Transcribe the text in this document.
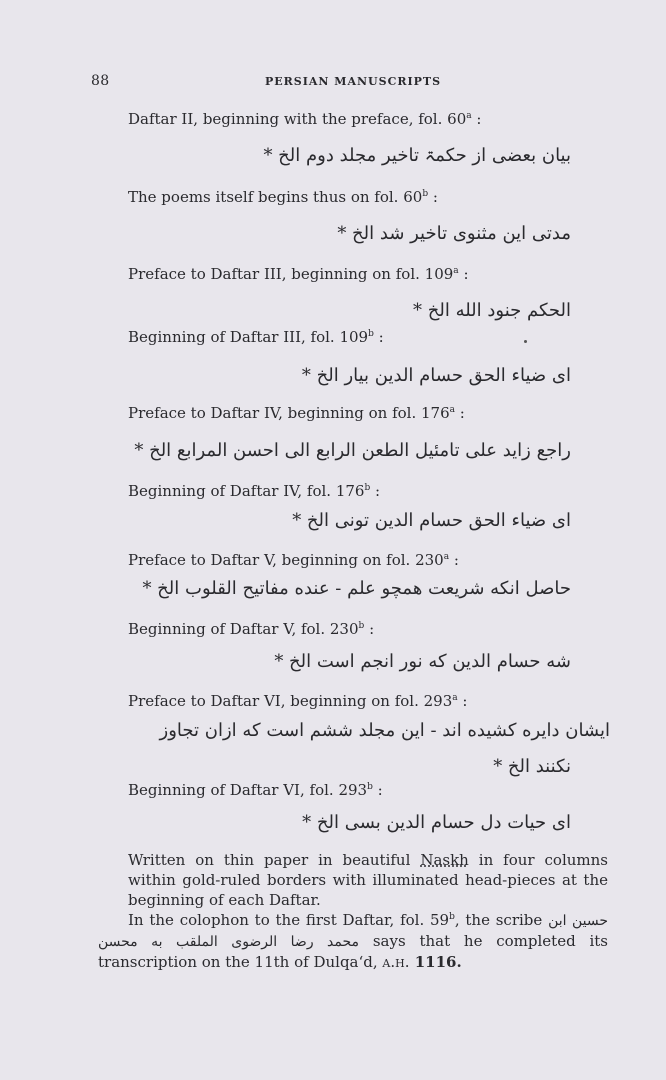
88	PERSIAN MANUSCRIPTS
Daftar II, beginning with the preface, fol. 60$^a$ :
بیان بعضی از حکمۃ تاخیر مجلد دوم الخ *
The poems itself begins thus on fol. 60$^b$ :
مدتی این مثنوی تاخیر شد الخ *
Preface to Daftar III, beginning on fol. 109$^a$ :
الحکم جنود الله الخ *
Beginning of Daftar III, fol. 109$^b$ :
ای ضیاء الحق حسام الدین بیار الخ *
Preface to Daftar IV, beginning on fol. 176$^a$ :
راجع زاید علی تامئیل الطعن الرابع الی احسن المرابع الخ *
Beginning of Daftar IV, fol. 176$^b$ :
ای ضیاء الحق حسام الدین تونی الخ *
Preface to Daftar V, beginning on fol. 230$^a$ :
حاصل انکه شریعت همچو علم - عنده مفاتیح القلوب الخ *
Beginning of Daftar V, fol. 230$^b$ :
شه حسام الدین که نور انجم است الخ *
Preface to Daftar VI, beginning on fol. 293$^a$ :
ایشان دایره کشیده اند - این مجلد ششم است که ازان تجاوز
نکنند الخ *
Beginning of Daftar VI, fol. 293$^b$ :
ای حیات دل حسام الدین بسی الخ *
Written on thin paper in beautiful Naskh in four columns within gold-ruled borders with illuminated head-pieces at the beginning of each Daftar.
In the colophon to the first Daftar, fol. 59$^b$, the scribe حسین ابن محمد رضا الرضوی الملقب به محسن says that he completed its transcription on the 11th of Dulqa‘d, a.h. 1116.
